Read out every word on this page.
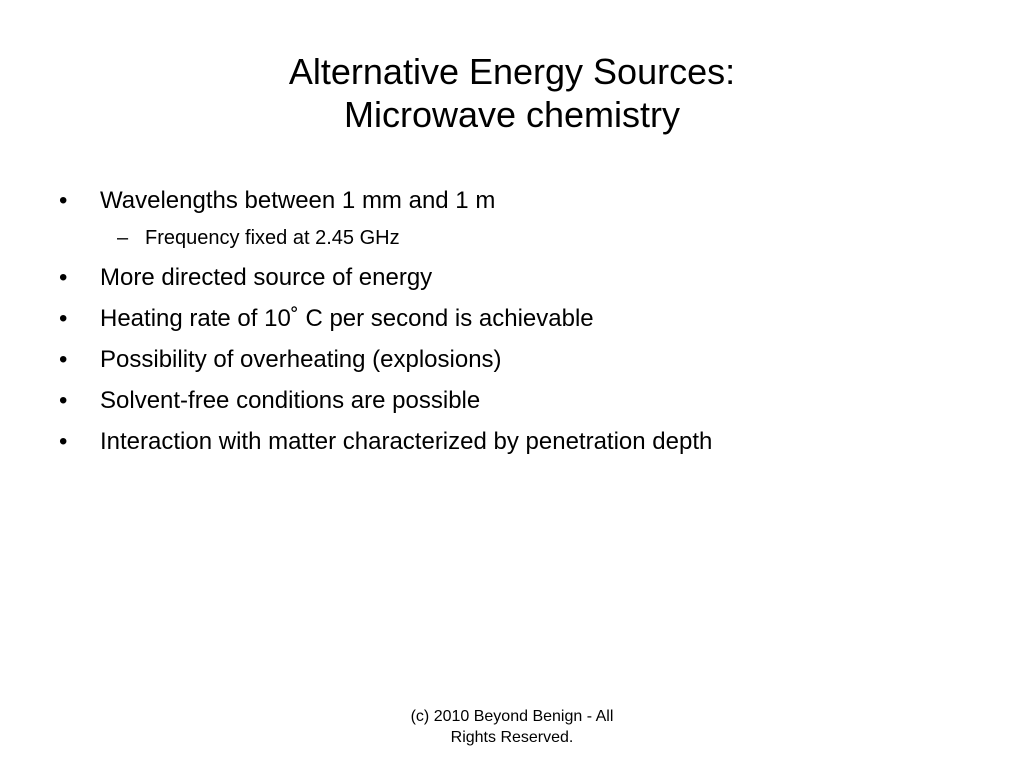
Alternative Energy Sources:
Microwave chemistry
• Wavelengths between 1 mm and 1 m
– Frequency fixed at 2.45 GHz
• More directed source of energy
• Heating rate of 10˚ C per second is achievable
• Possibility of overheating (explosions)
• Solvent-free conditions are possible
• Interaction with matter characterized by penetration depth
(c) 2010 Beyond Benign - All
Rights Reserved.
